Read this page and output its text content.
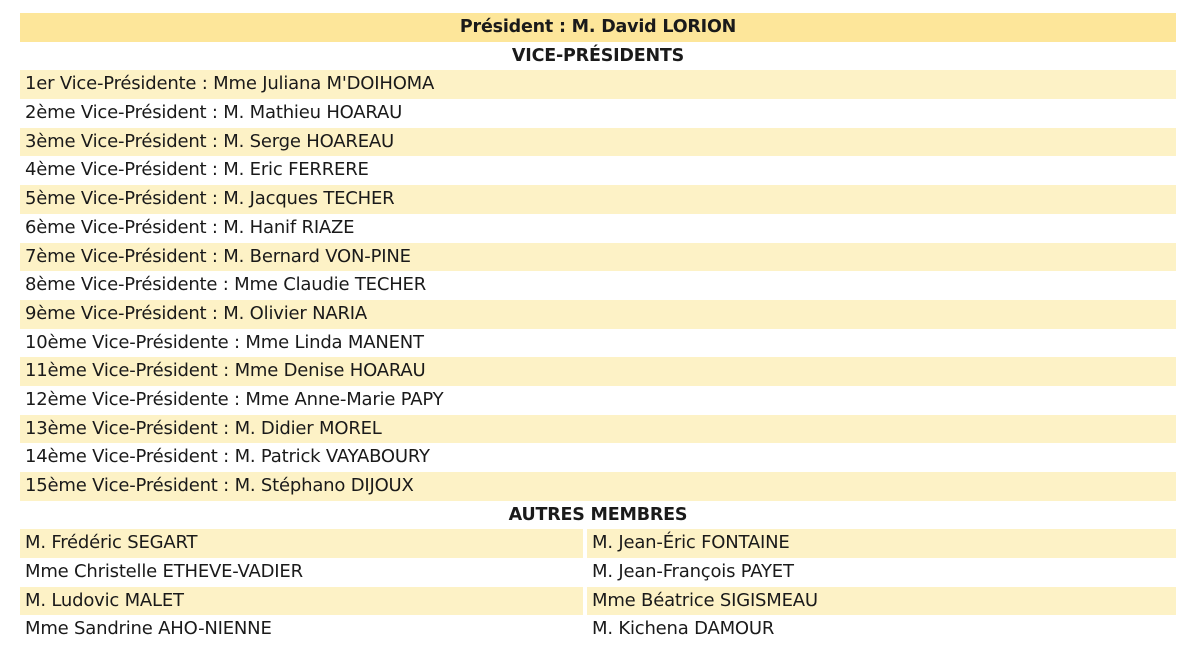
Président : M. David LORION
VICE-PRÉSIDENTS
1er Vice-Présidente : Mme Juliana M'DOIHOMA
2ème Vice-Président : M. Mathieu HOARAU
3ème Vice-Président : M. Serge HOAREAU
4ème Vice-Président : M. Eric FERRERE
5ème Vice-Président : M. Jacques TECHER
6ème Vice-Président : M. Hanif RIAZE
7ème Vice-Président : M. Bernard VON-PINE
8ème Vice-Présidente : Mme Claudie TECHER
9ème Vice-Président : M. Olivier NARIA
10ème Vice-Présidente : Mme Linda MANENT
11ème Vice-Président : Mme Denise HOARAU
12ème Vice-Présidente : Mme Anne-Marie PAPY
13ème Vice-Président : M. Didier MOREL
14ème Vice-Président : M. Patrick VAYABOURY
15ème Vice-Président : M. Stéphano DIJOUX
AUTRES MEMBRES
M. Frédéric SEGART	M. Jean-Éric FONTAINE
Mme Christelle ETHEVE-VADIER	M. Jean-François PAYET
M. Ludovic MALET	Mme Béatrice SIGISMEAU
Mme Sandrine AHO-NIENNE	M. Kichena DAMOUR
